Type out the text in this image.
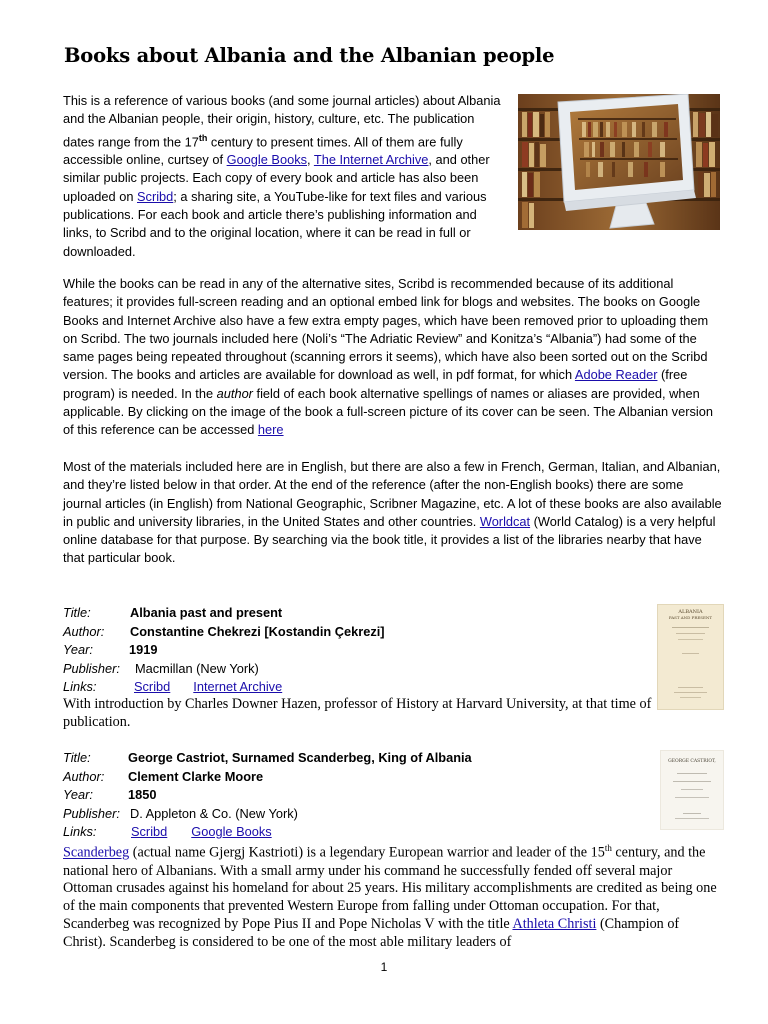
Books about Albania and the Albanian people

This is a reference of various books (and some journal articles) about Albania and the Albanian people, their origin, history, culture, etc. The publication dates range from the 17th century to present times. All of them are fully accessible online, curtsey of Google Books, The Internet Archive, and other similar public projects. Each copy of every book and article has also been uploaded on Scribd; a sharing site, a YouTube-like for text files and various publications. For each book and article there’s publishing information and links, to Scribd and to the original location, where it can be read in full or downloaded.

While the books can be read in any of the alternative sites, Scribd is recommended because of its additional features; it provides full-screen reading and an optional embed link for blogs and websites. The books on Google Books and Internet Archive also have a few extra empty pages, which have been removed prior to uploading them on Scribd. The two journals included here (Noli’s “The Adriatic Review” and Konitza’s “Albania”) had some of the same pages being repeated throughout (scanning errors it seems), which have also been sorted out on the Scribd version. The books and articles are available for download as well, in pdf format, for which Adobe Reader (free program) is needed. In the author field of each book alternative spellings of names or aliases are provided, when applicable. By clicking on the image of the book a full-screen picture of its cover can be seen. The Albanian version of this reference can be accessed here

Most of the materials included here are in English, but there are also a few in French, German, Italian, and Albanian, and they’re listed below in that order. At the end of the reference (after the non-English books) there are some journal articles (in English) from National Geographic, Scribner Magazine, etc. A lot of these books are also available in public and university libraries, in the United States and other countries. Worldcat (World Catalog) is a very helpful online database for that purpose. By searching via the book title, it provides a list of the libraries nearby that have that particular book.

Title:	Albania past and present
Author: Constantine Chekrezi [Kostandin Çekrezi]
Year:	1919
Publisher: Macmillan (New York)
Links:	Scribd Internet Archive

With introduction by Charles Downer Hazen, professor of History at Harvard University, at that time of publication.

ALBANIA
PAST AND PRESENT
Title:	George Castriot, Surnamed Scanderbeg, King of Albania
Author: Clement Clarke Moore
Year:	1850
Publisher: D. Appleton & Co. (New York)
Links:	Scribd Google Books

Scanderbeg (actual name Gjergj Kastrioti) is a legendary European warrior and leader of the 15th century, and the national hero of Albanians. With a small army under his command he successfully fended off several major Ottoman crusades against his homeland for about 25 years. His military accomplishments are credited as being one of the main components that prevented Western Europe from falling under Ottoman occupation. For that, Scanderbeg was recognized by Pope Pius II and Pope Nicholas V with the title Athleta Christi (Champion of Christ). Scanderbeg is considered to be one of the most able military leaders of

GEORGE CASTRIOT,
1
